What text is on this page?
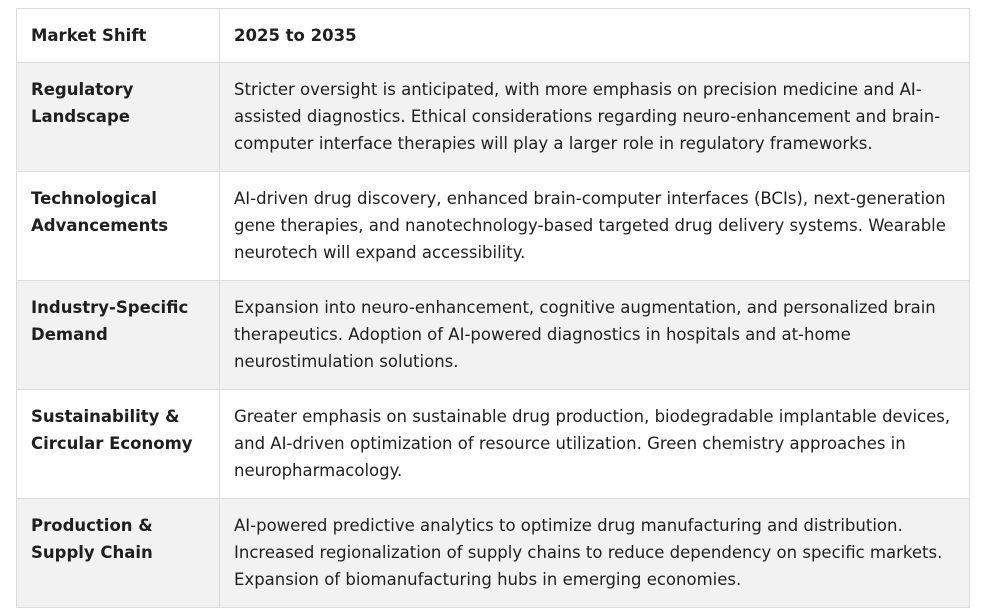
Market Shift	2025 to 2035
Regulatory Landscape	Stricter oversight is anticipated, with more emphasis on precision medicine and AI-assisted diagnostics. Ethical considerations regarding neuro-enhancement and brain-computer interface therapies will play a larger role in regulatory frameworks.
Technological Advancements	AI-driven drug discovery, enhanced brain-computer interfaces (BCIs), next-generation gene therapies, and nanotechnology-based targeted drug delivery systems. Wearable neurotech will expand accessibility.
Industry-Specific Demand	Expansion into neuro-enhancement, cognitive augmentation, and personalized brain therapeutics. Adoption of AI-powered diagnostics in hospitals and at-home neurostimulation solutions.
Sustainability & Circular Economy	Greater emphasis on sustainable drug production, biodegradable implantable devices, and AI-driven optimization of resource utilization. Green chemistry approaches in neuropharmacology.
Production & Supply Chain	AI-powered predictive analytics to optimize drug manufacturing and distribution. Increased regionalization of supply chains to reduce dependency on specific markets. Expansion of biomanufacturing hubs in emerging economies.
